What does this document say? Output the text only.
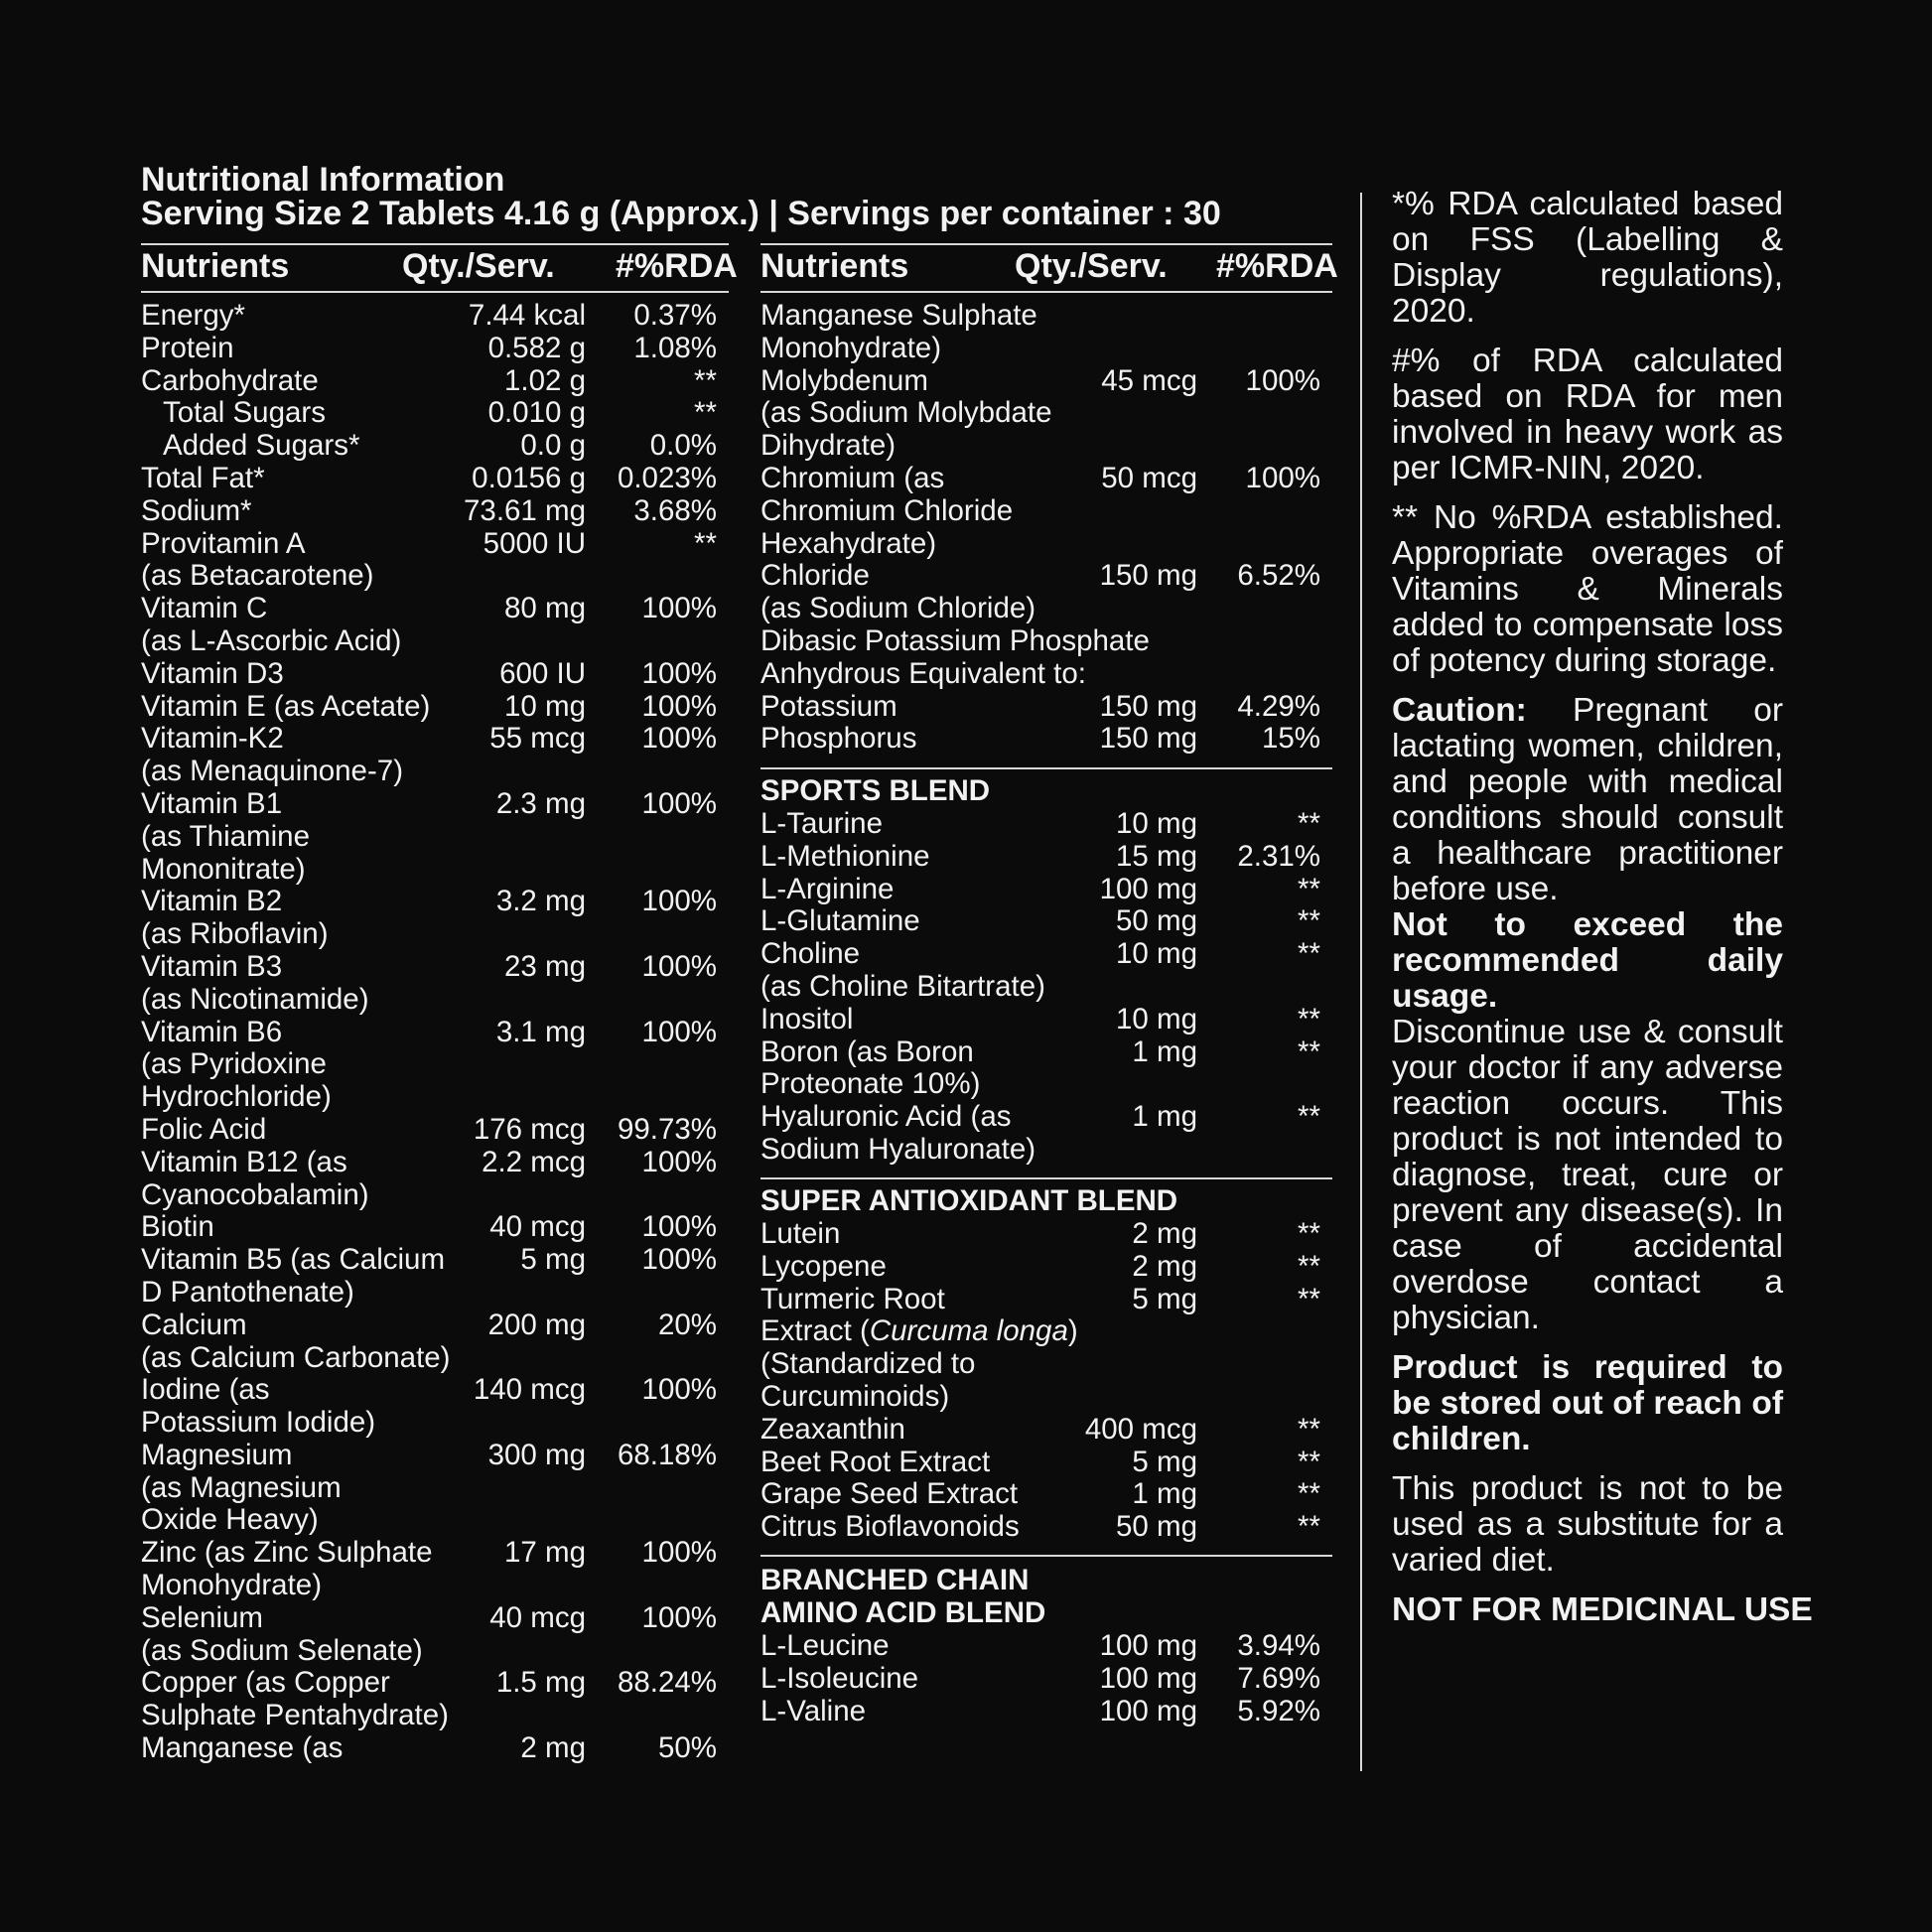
Nutritional Information
Serving Size 2 Tablets 4.16 g (Approx.) | Servings per container : 30
Nutrients	Qty./Serv. #%RDA Nutrients	Qty./Serv. #%RDA
Energy*	7.44 kcal 0.37%
Protein	0.582 g 1.08%
Carbohydrate	1.02 g	**
Total Sugars	0.010 g	**
Added Sugars*	0.0 g 0.0%
Total Fat*	0.0156 g 0.023%
Sodium*	73.61 mg 3.68%
Provitamin A	5000 IU	**
(as Betacarotene)
Vitamin C	80 mg 100%
(as L-Ascorbic Acid)
Vitamin D3	600 IU 100%
Vitamin E (as Acetate)	10 mg 100%
Vitamin-K2	55 mcg 100%
(as Menaquinone-7)
Vitamin B1	2.3 mg 100%
(as Thiamine
Mononitrate)
Vitamin B2	3.2 mg 100%
(as Riboflavin)
Vitamin B3	23 mg 100%
(as Nicotinamide)
Vitamin B6	3.1 mg 100%
(as Pyridoxine
Hydrochloride)
Folic Acid	176 mcg 99.73%
Vitamin B12 (as	2.2 mcg 100%
Cyanocobalamin)
Biotin	40 mcg 100%
Vitamin B5 (as Calcium	5 mg 100%
D Pantothenate)
Calcium	200 mg 20%
(as Calcium Carbonate)
Iodine (as	140 mcg 100%
Potassium Iodide)
Magnesium	300 mg 68.18%
(as Magnesium
Oxide Heavy)
Zinc (as Zinc Sulphate 17 mg 100%
Monohydrate)
Selenium	40 mcg 100%
(as Sodium Selenate)
Copper (as Copper	1.5 mg 88.24%
Sulphate Pentahydrate)
Manganese (as	2 mg 50%
Manganese Sulphate
Monohydrate)
Molybdenum	45 mcg 100%
(as Sodium Molybdate
Dihydrate)
Chromium (as	50 mcg 100%
Chromium Chloride
Hexahydrate)
Chloride	150 mg 6.52%
(as Sodium Chloride)
Dibasic Potassium Phosphate
Anhydrous Equivalent to:
Potassium	150 mg 4.29%
Phosphorus	150 mg 15%
SPORTS BLEND
L-Taurine	10 mg	**
L-Methionine	15 mg 2.31%
L-Arginine	100 mg	**
L-Glutamine	50 mg	**
Choline	10 mg	**
(as Choline Bitartrate)
Inositol	10 mg	**
Boron (as Boron	1 mg	**
Proteonate 10%)
Hyaluronic Acid (as	1 mg	**
Sodium Hyaluronate)
SUPER ANTIOXIDANT BLEND
Lutein	2 mg	**
Lycopene	2 mg	**
Turmeric Root	5 mg	**
Extract (Curcuma longa)
(Standardized to
Curcuminoids)
Zeaxanthin	400 mcg	**
Beet Root Extract	5 mg	**
Grape Seed Extract	1 mg	**
Citrus Bioflavonoids	50 mg	**
BRANCHED CHAIN
AMINO ACID BLEND
L-Leucine	100 mg 3.94%
L-Isoleucine	100 mg 7.69%
L-Valine	100 mg 5.92%

*% RDA calculated based on FSS (Labelling & Display regulations), 2020.

#% of RDA calculated based on RDA for men involved in heavy work as per ICMR-NIN, 2020.

** No %RDA established. Appropriate overages of Vitamins & Minerals added to compensate loss of potency during storage.

Caution: Pregnant or lactating women, children, and people with medical conditions should consult a healthcare practitioner before use.

Not to exceed the recommended daily usage.

Discontinue use & consult your doctor if any adverse reaction occurs. This product is not intended to diagnose, treat, cure or prevent any disease(s). In case of accidental overdose contact a physician.

Product is required to be stored out of reach of children.

This product is not to be used as a substitute for a varied diet.

NOT FOR MEDICINAL USE
